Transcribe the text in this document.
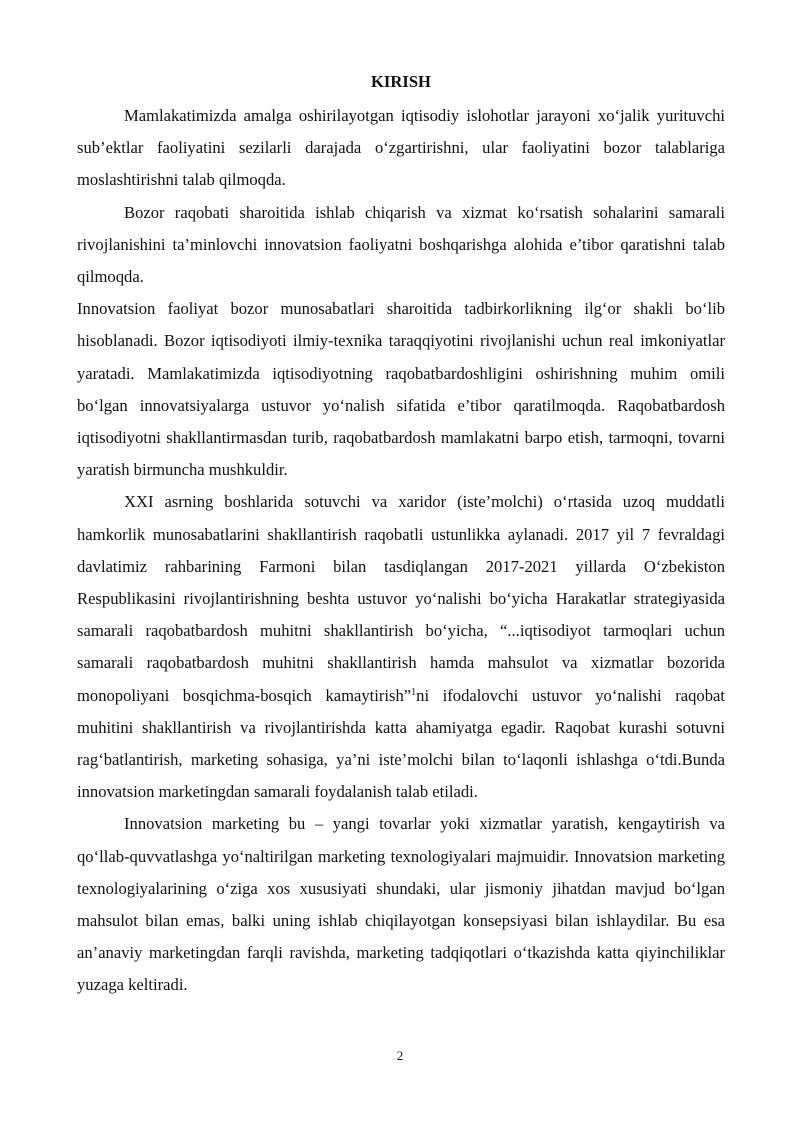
KIRISH

Mamlakatimizda amalga oshirilayotgan iqtisodiy islohotlar jarayoni xo‘jalik yurituvchi sub’ektlar faoliyatini sezilarli darajada o‘zgartirishni, ular faoliyatini bozor talablariga moslashtirishni talab qilmoqda.

Bozor raqobati sharoitida ishlab chiqarish va xizmat ko‘rsatish sohalarini samarali rivojlanishini ta’minlovchi innovatsion faoliyatni boshqarishga alohida e’tibor qaratishni talab qilmoqda.

Innovatsion faoliyat bozor munosabatlari sharoitida tadbirkorlikning ilg‘or shakli bo‘lib hisoblanadi. Bozor iqtisodiyoti ilmiy-texnika taraqqiyotini rivojlanishi uchun real imkoniyatlar yaratadi. Mamlakatimizda iqtisodiyotning raqobatbardoshligini oshirishning muhim omili bo‘lgan innovatsiyalarga ustuvor yo‘nalish sifatida e’tibor qaratilmoqda. Raqobatbardosh iqtisodiyotni shakllantirmasdan turib, raqobatbardosh mamlakatni barpo etish, tarmoqni, tovarni yaratish birmuncha mushkuldir.

XXI asrning boshlarida sotuvchi va xaridor (iste’molchi) o‘rtasida uzoq muddatli hamkorlik munosabatlarini shakllantirish raqobatli ustunlikka aylanadi. 2017 yil 7 fevraldagi davlatimiz rahbarining Farmoni bilan tasdiqlangan 2017-2021 yillarda O‘zbekiston Respublikasini rivojlantirishning beshta ustuvor yo‘nalishi bo‘yicha Harakatlar strategiyasida samarali raqobatbardosh muhitni shakllantirish bo‘yicha, “...iqtisodiyot tarmoqlari uchun samarali raqobatbardosh muhitni shakllantirish hamda mahsulot va xizmatlar bozorida monopoliyani bosqichma-bosqich kamaytirish”$^1$ni ifodalovchi ustuvor yo‘nalishi raqobat muhitini shakllantirish va rivojlantirishda katta ahamiyatga egadir. Raqobat kurashi sotuvni rag‘batlantirish, marketing sohasiga, ya’ni iste’molchi bilan to‘laqonli ishlashga o‘tdi.Bunda innovatsion marketingdan samarali foydalanish talab etiladi.

Innovatsion marketing bu – yangi tovarlar yoki xizmatlar yaratish, kengaytirish va qo‘llab-quvvatlashga yo‘naltirilgan marketing texnologiyalari majmuidir. Innovatsion marketing texnologiyalarining o‘ziga xos xususiyati shundaki, ular jismoniy jihatdan mavjud bo‘lgan mahsulot bilan emas, balki uning ishlab chiqilayotgan konsepsiyasi bilan ishlaydilar. Bu esa an’anaviy marketingdan farqli ravishda, marketing tadqiqotlari o‘tkazishda katta qiyinchiliklar yuzaga keltiradi.

2
